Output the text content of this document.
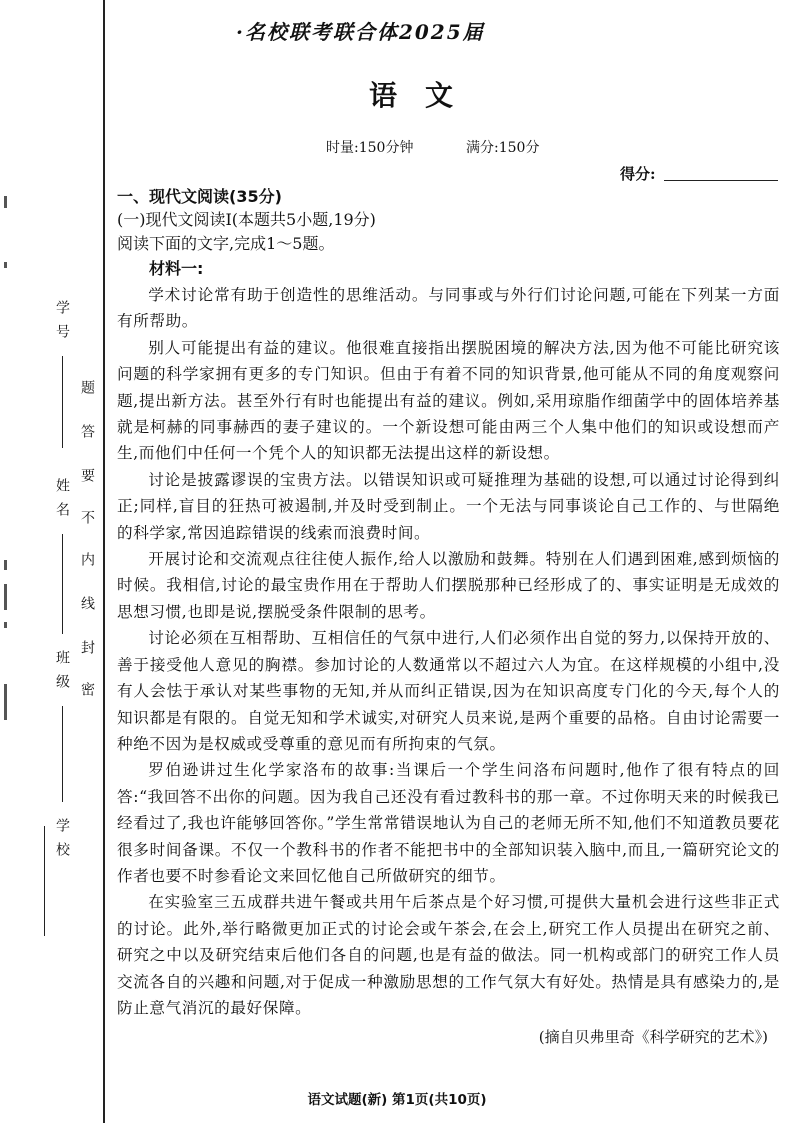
学号
姓名
班级
学校
题
答
要
不
内
线
封
密
·名校联考联合体2025届
语文
时量:150分钟	满分:150分
得分:
一、现代文阅读(35分)
(一)现代文阅读Ⅰ(本题共5小题,19分)
阅读下面的文字,完成1～5题。
材料一:

学术讨论常有助于创造性的思维活动。与同事或与外行们讨论问题,可能在下列某一方面有所帮助。

别人可能提出有益的建议。他很难直接指出摆脱困境的解决方法,因为他不可能比研究该问题的科学家拥有更多的专门知识。但由于有着不同的知识背景,他可能从不同的角度观察问题,提出新方法。甚至外行有时也能提出有益的建议。例如,采用琼脂作细菌学中的固体培养基就是柯赫的同事赫西的妻子建议的。一个新设想可能由两三个人集中他们的知识或设想而产生,而他们中任何一个凭个人的知识都无法提出这样的新设想。

讨论是披露谬误的宝贵方法。以错误知识或可疑推理为基础的设想,可以通过讨论得到纠正;同样,盲目的狂热可被遏制,并及时受到制止。一个无法与同事谈论自己工作的、与世隔绝的科学家,常因追踪错误的线索而浪费时间。

开展讨论和交流观点往往使人振作,给人以激励和鼓舞。特别在人们遇到困难,感到烦恼的时候。我相信,讨论的最宝贵作用在于帮助人们摆脱那种已经形成了的、事实证明是无成效的思想习惯,也即是说,摆脱受条件限制的思考。

讨论必须在互相帮助、互相信任的气氛中进行,人们必须作出自觉的努力,以保持开放的、善于接受他人意见的胸襟。参加讨论的人数通常以不超过六人为宜。在这样规模的小组中,没有人会怯于承认对某些事物的无知,并从而纠正错误,因为在知识高度专门化的今天,每个人的知识都是有限的。自觉无知和学术诚实,对研究人员来说,是两个重要的品格。自由讨论需要一种绝不因为是权威或受尊重的意见而有所拘束的气氛。

罗伯逊讲过生化学家洛布的故事:当课后一个学生问洛布问题时,他作了很有特点的回答:“我回答不出你的问题。因为我自己还没有看过教科书的那一章。不过你明天来的时候我已经看过了,我也许能够回答你。”学生常常错误地认为自己的老师无所不知,他们不知道教员要花很多时间备课。不仅一个教科书的作者不能把书中的全部知识装入脑中,而且,一篇研究论文的作者也要不时参看论文来回忆他自己所做研究的细节。

在实验室三五成群共进午餐或共用午后茶点是个好习惯,可提供大量机会进行这些非正式的讨论。此外,举行略微更加正式的讨论会或午茶会,在会上,研究工作人员提出在研究之前、研究之中以及研究结束后他们各自的问题,也是有益的做法。同一机构或部门的研究工作人员交流各自的兴趣和问题,对于促成一种激励思想的工作气氛大有好处。热情是具有感染力的,是防止意气消沉的最好保障。

(摘自贝弗里奇《科学研究的艺术》)
语文试题(新) 第1页(共10页)
